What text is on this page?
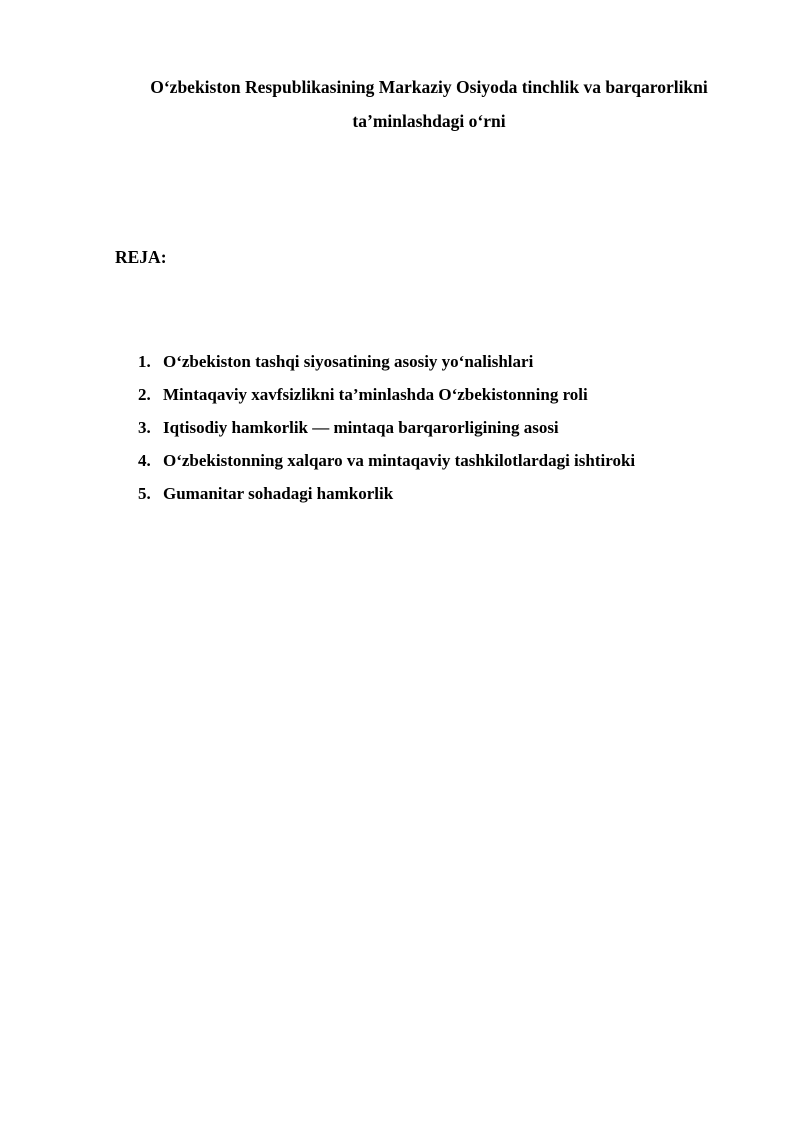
O‘zbekiston Respublikasining Markaziy Osiyoda tinchlik va barqarorlikni
ta’minlashdagi o‘rni
REJA:
1. O‘zbekiston tashqi siyosatining asosiy yo‘nalishlari
2. Mintaqaviy xavfsizlikni ta’minlashda O‘zbekistonning roli
3. Iqtisodiy hamkorlik — mintaqa barqarorligining asosi
4. O‘zbekistonning xalqaro va mintaqaviy tashkilotlardagi ishtiroki
5. Gumanitar sohadagi hamkorlik
